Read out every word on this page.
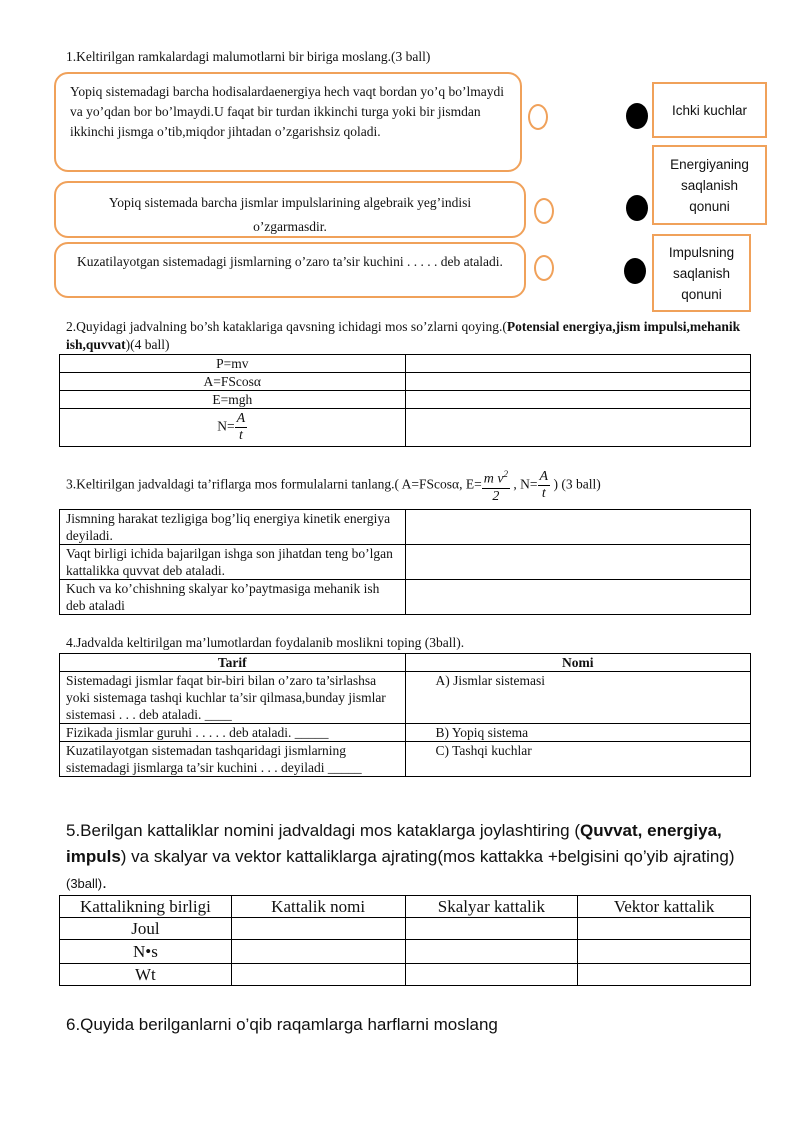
1.Keltirilgan ramkalardagi malumotlarni bir biriga moslang.(3 ball)
Yopiq sistemadagi barcha hodisalardaenergiya hech vaqt bordan yo’q bo’lmaydi va yo’qdan bor bo’lmaydi.U faqat bir turdan ikkinchi turga yoki bir jismdan ikkinchi jismga o’tib,miqdor jihtadan o’zgarishsiz qoladi.
Yopiq sistemada barcha jismlar impulslarining algebraik yeg’indisi o’zgarmasdir.
Kuzatilayotgan sistemadagi jismlarning o’zaro ta’sir kuchini . . . . . deb ataladi.
Ichki kuchlar
Energiyaning saqlanish qonuni
Impulsning saqlanish qonuni
2.Quyidagi jadvalning bo’sh kataklariga qavsning ichidagi mos so’zlarni qoying.(Potensial energiya,jism impulsi,mehanik ish,quvvat)(4 ball)
P=mv	
A=FScosα	
E=mgh	
$N= \frac{A}{t}$

3.Keltirilgan jadvaldagi ta’riflarga mos formulalarni tanlang.( A=FScosα, $E= \frac{m v^2}{2}$ , $N= \frac{A}{t}$ ) (3 ball)
Jismning harakat tezligiga bog’liq energiya kinetik energiya deyiladi.	
Vaqt birligi ichida bajarilgan ishga son jihatdan teng bo’lgan kattalikka quvvat deb ataladi.	
Kuch va ko’chishning skalyar ko’paytmasiga mehanik ish deb ataladi	
4.Jadvalda keltirilgan ma’lumotlardan foydalanib moslikni toping (3ball).
Tarif	Nomi
Sistemadagi jismlar faqat bir-biri bilan o’zaro ta’sirlashsa yoki sistemaga tashqi kuchlar ta’sir qilmasa,bunday jismlar sistemasi . . . deb ataladi. ____	A) Jismlar sistemasi
Fizikada jismlar guruhi . . . . . deb ataladi. _____	B) Yopiq sistema
Kuzatilayotgan sistemadan tashqaridagi jismlarning sistemadagi jismlarga ta’sir kuchini . . . deyiladi _____	C) Tashqi kuchlar
5.Berilgan kattaliklar nomini jadvaldagi mos kataklarga joylashtiring (Quvvat, energiya, impuls) va skalyar va vektor kattaliklarga ajrating(mos kattakka +belgisini qo’yib ajrating) (3ball).
Kattalikning birligi	Kattalik nomi	Skalyar kattalik	Vektor kattalik
Joul			
N•s			
Wt			
6.Quyida berilganlarni o’qib raqamlarga harflarni moslang
